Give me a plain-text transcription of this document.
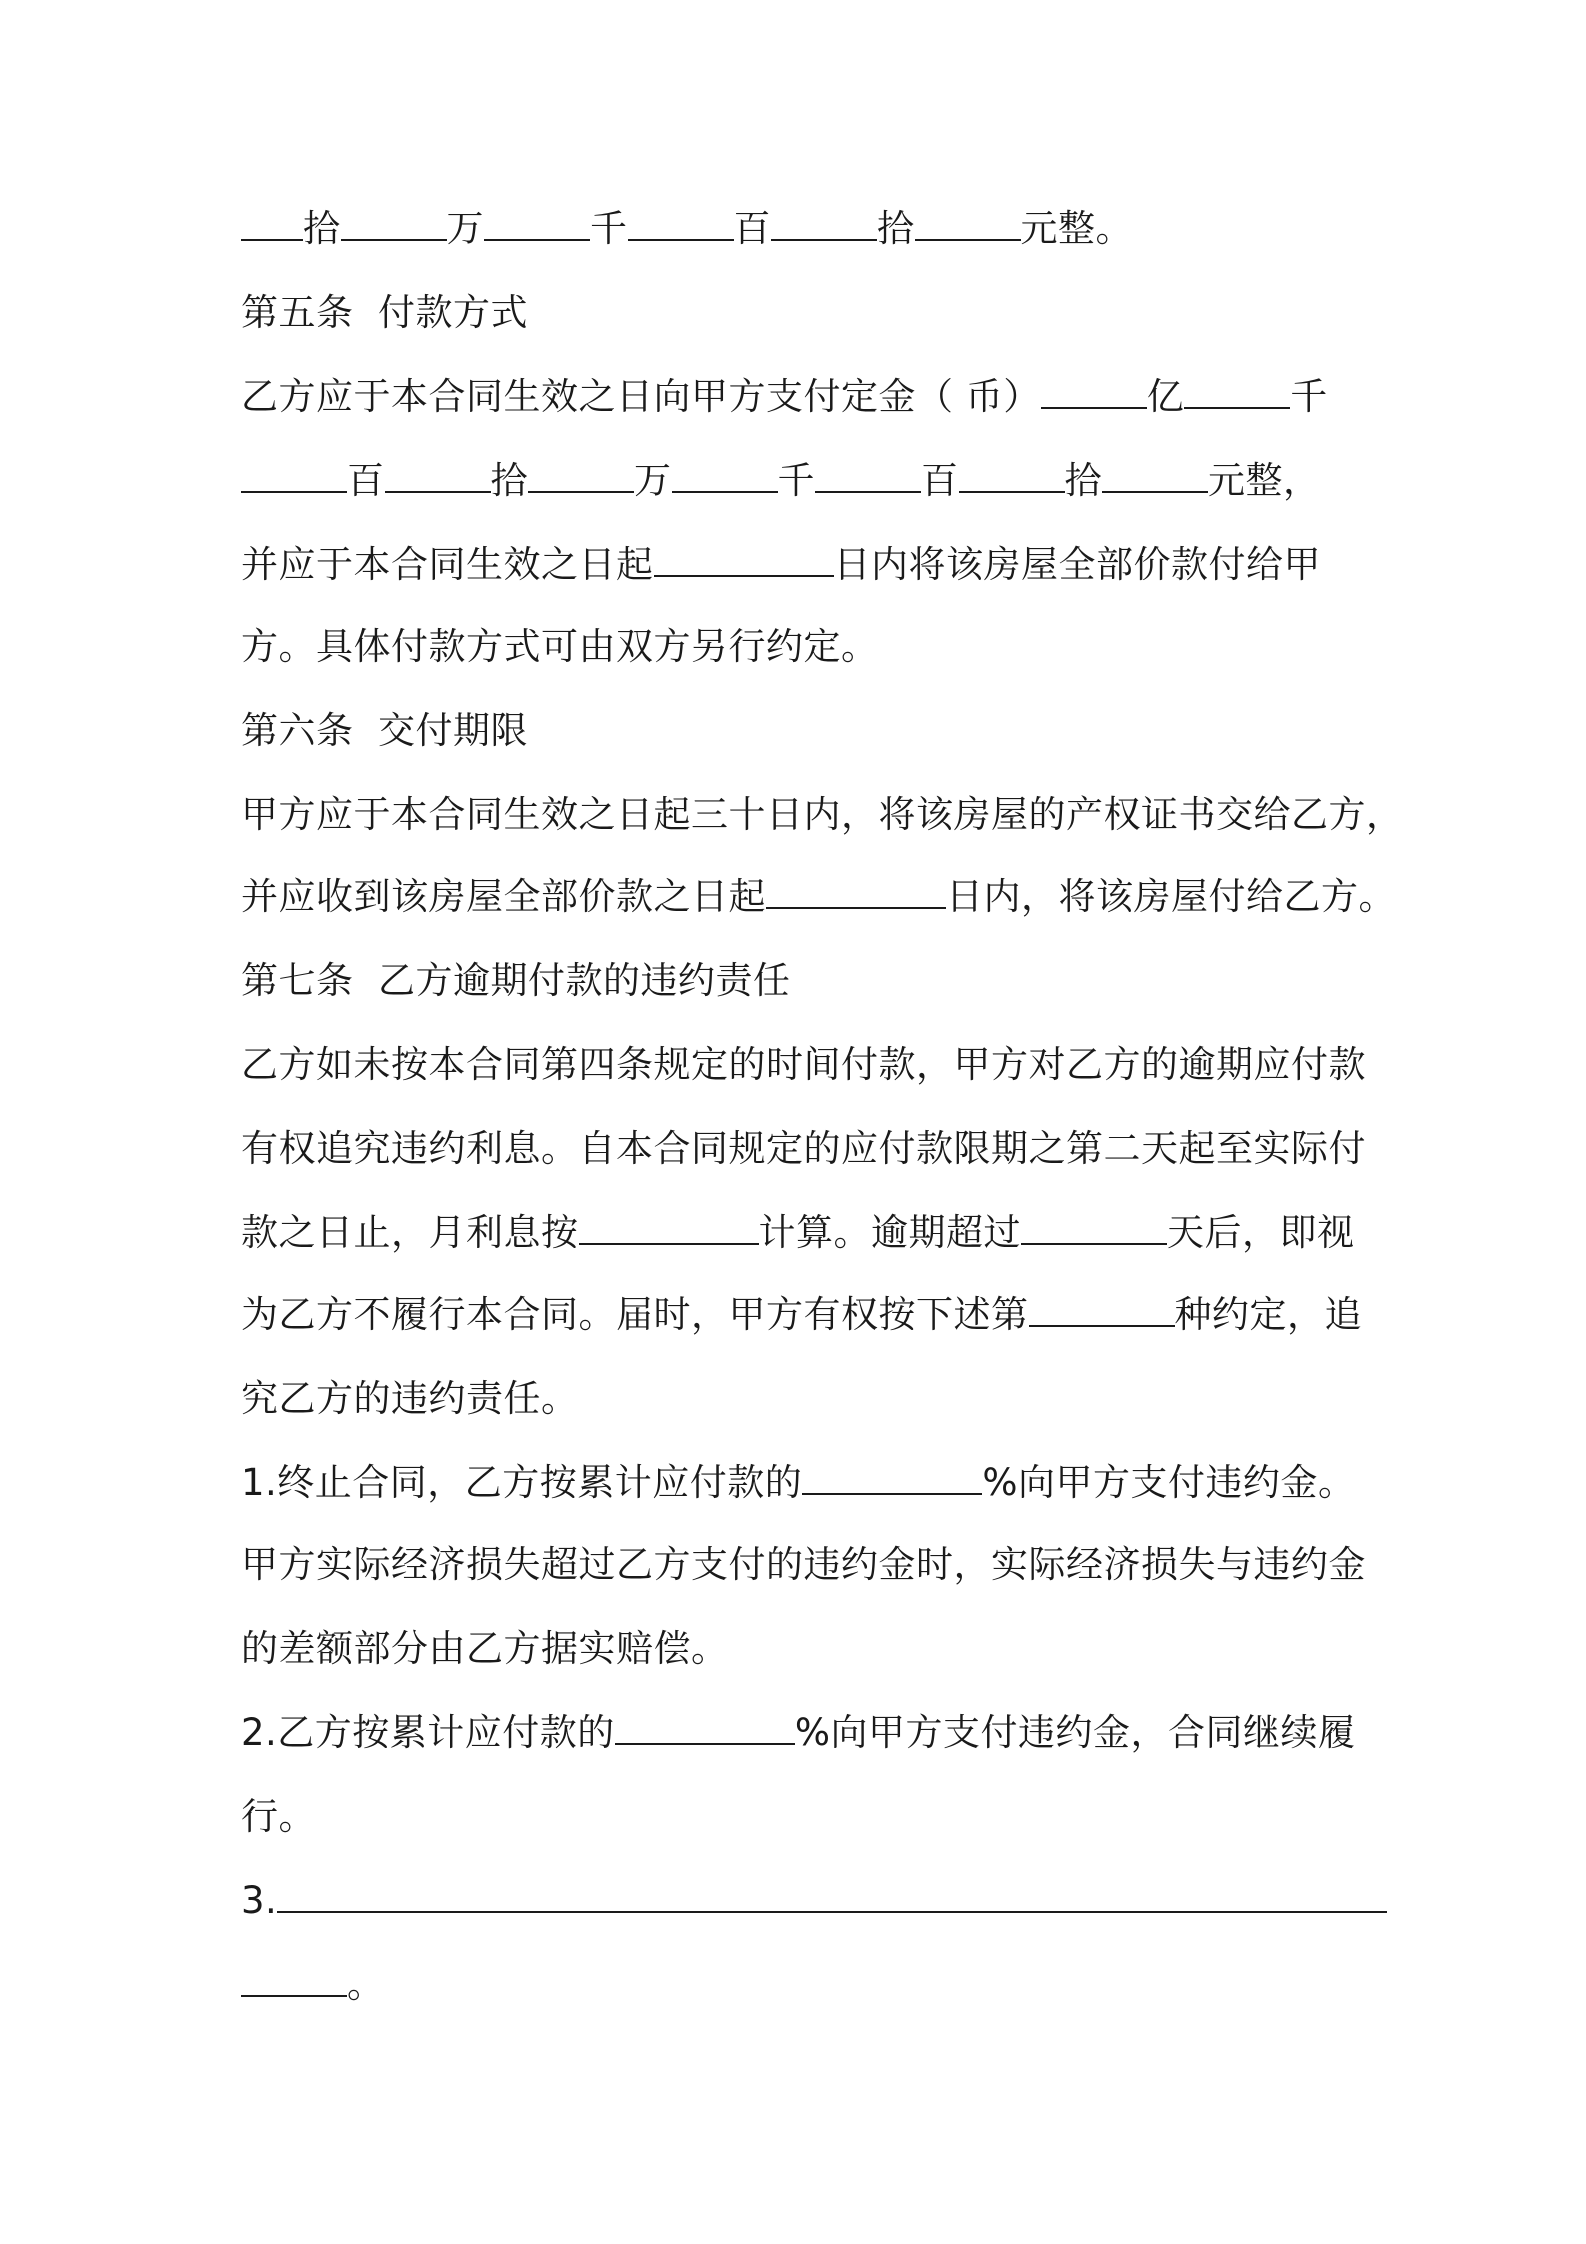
拾	万	千	百	拾	元整。
第五条  付款方式
乙方应于本合同生效之日向甲方支付定金（ 币）	亿	千
百	拾	万	千	百	拾	元整，
并应于本合同生效之日起	日内将该房屋全部价款付给甲
方。具体付款方式可由双方另行约定。
第六条  交付期限
甲方应于本合同生效之日起三十日内，将该房屋的产权证书交给乙方，
并应收到该房屋全部价款之日起	日内，将该房屋付给乙方。
第七条  乙方逾期付款的违约责任
乙方如未按本合同第四条规定的时间付款，甲方对乙方的逾期应付款
有权追究违约利息。自本合同规定的应付款限期之第二天起至实际付
款之日止，月利息按	计算。逾期超过	天后，即视
为乙方不履行本合同。届时，甲方有权按下述第	种约定，追
究乙方的违约责任。
1.终止合同，乙方按累计应付款的	%向甲方支付违约金。
甲方实际经济损失超过乙方支付的违约金时，实际经济损失与违约金
的差额部分由乙方据实赔偿。
2.乙方按累计应付款的	%向甲方支付违约金，合同继续履
行。
3.
。
